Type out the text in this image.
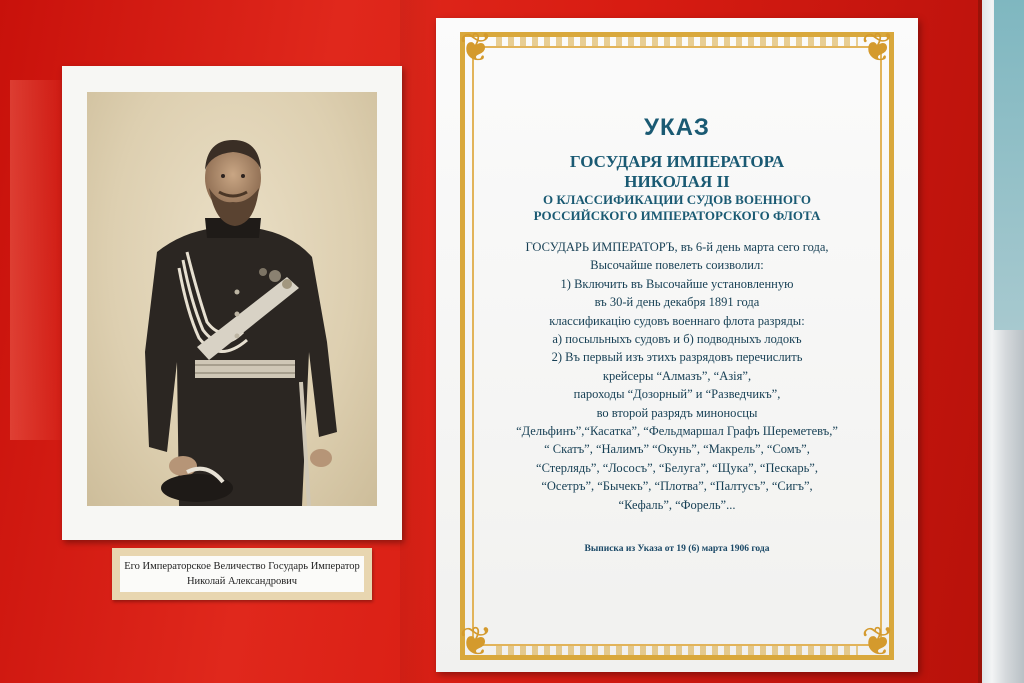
Его Императорское Величество Государь Император
Николай Александрович
❦	❦
❦	❦
УКАЗ
ГОСУДАРЯ ИМПЕРАТОРА
НИКОЛАЯ II
О КЛАССИФИКАЦИИ СУДОВ ВОЕННОГО
РОССИЙСКОГО ИМПЕРАТОРСКОГО ФЛОТА
ГОСУДАРЬ ИМПЕРАТОРЪ, въ 6-й день марта сего года,
Высочайше повелеть соизволил:
1) Включить въ Высочайше установленную
въ 30-й день декабря 1891 года
классификацiю судовъ военнаго флота разряды:
а) посыльныхъ судовъ и б) подводныхъ лодокъ
2) Въ первый изъ этихъ разрядовъ перечислить
крейсеры “Алмазъ”, “Азiя”,
пароходы “Дозорный” и “Разведчикъ”,
во второй разрядъ миноносцы
“Дельфинъ”,“Касатка”, “Фельдмаршал Графъ Шереметевъ,”
“ Скатъ”, “Налимъ” “Окунь”, “Макрель”, “Сомъ”,
“Стерлядь”, “Лососъ”, “Белуга”, “Щука”, “Пескарь”,
“Осетръ”, “Бычекъ”, “Плотва”, “Палтусъ”, “Сигъ”,
“Кефаль”, “Форель”...
Выписка из Указа от 19 (6) марта 1906 года
